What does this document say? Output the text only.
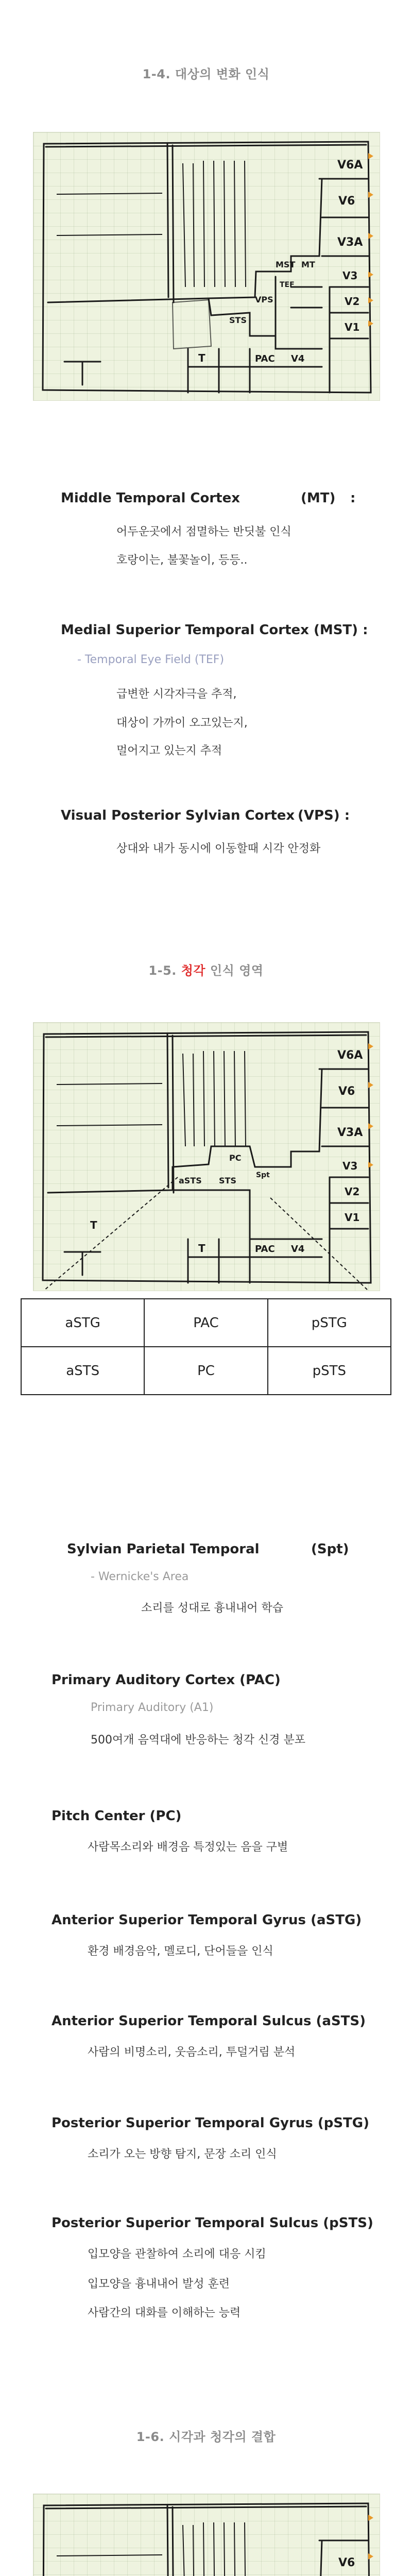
1-4. 대상의 변화 인식
V6A
V6
V3A
V3
V2
V1
MST MT
TEF
VPS
STS
PAC V4
T
Middle Temporal Cortex	(MT) :
어두운곳에서 점멸하는 반딧불 인식
호랑이는, 불꽃놀이, 등등..
Medial Superior Temporal Cortex (MST) :
- Temporal Eye Field (TEF)
급변한 시각자극을 추적,
대상이 가까이 오고있는지,
멀어지고 있는지 추적
Visual Posterior Sylvian Cortex (VPS) :
상대와 내가 동시에 이동할때 시각 안정화
1-5. 청각 인식 영역
V6A
V6
V3A
V3
V2
V1
aSTS STS
PC
PAC V4
T
T
Spt
aSTG	PAC	pSTG
aSTS	PC	pSTS
Sylvian Parietal Temporal	(Spt)
- Wernicke's Area
소리를 성대로 흉내내어 학습
Primary Auditory Cortex (PAC)
Primary Auditory (A1)
500여개 음역대에 반응하는 청각 신경 분포
Pitch Center (PC)
사람목소리와 배경음 특정있는 음을 구별
Anterior Superior Temporal Gyrus (aSTG)
환경 배경음악, 멜로디, 단어들을 인식
Anterior Superior Temporal Sulcus (aSTS)
사람의 비명소리, 웃음소리, 투덜거림 분석
Posterior Superior Temporal Gyrus (pSTG)
소리가 오는 방향 탐지, 문장 소리 인식
Posterior Superior Temporal Sulcus (pSTS)
입모양을 관찰하여 소리에 대응 시킴
입모양을 흉내내어 발성 훈련
사람간의 대화를 이해하는 능력
1-6. 시각과 청각의 결합
V6
